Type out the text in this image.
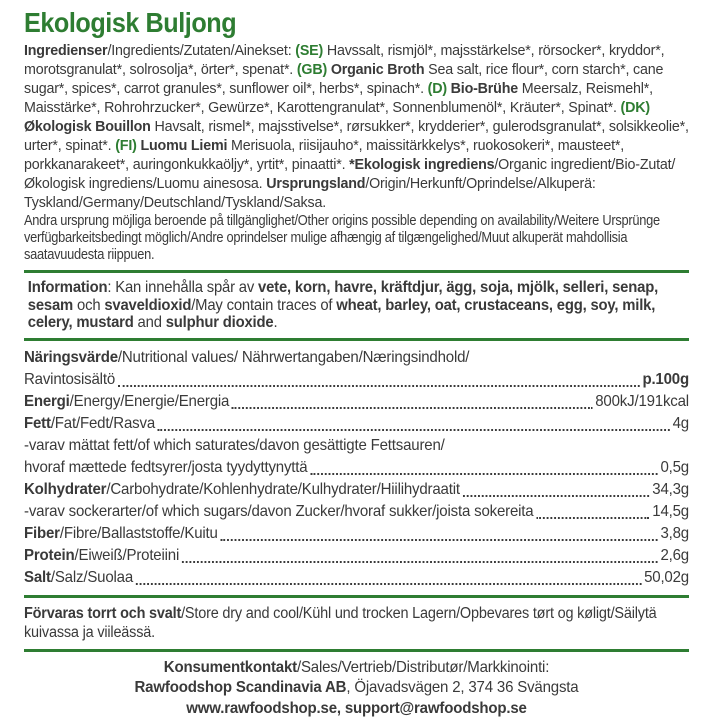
Ekologisk Buljong

Ingredienser/Ingredients/Zutaten/Ainekset: (SE) Havssalt, rismjöl*, majsstärkelse*, rörsocker*, kryddor*, morotsgranulat*, solrosolja*, örter*, spenat*. (GB) Organic Broth Sea salt, rice flour*, corn starch*, cane sugar*, spices*, carrot granules*, sunflower oil*, herbs*, spinach*. (D) Bio-Brühe Meersalz, Reismehl*, Maisstärke*, Rohrohrzucker*, Gewürze*, Karottengranulat*, Sonnenblumenöl*, Kräuter*, Spinat*. (DK) Økologisk Bouillon Havsalt, rismel*, majsstivelse*, rørsukker*, krydderier*, gulerodsgranulat*, solsikkeolie*, urter*, spinat*. (FI) Luomu Liemi Merisuola, riisijauho*, maissitärkkelys*, ruokosokeri*, mausteet*, porkkanarakeet*, auringonkukkaöljy*, yrtit*, pinaatti*. *Ekologisk ingrediens/Organic ingredient/Bio-Zutat/Økologisk ingrediens/Luomu ainesosa. Ursprungsland/Origin/Herkunft/Oprindelse/Alkuperä: Tyskland/Germany/Deutschland/Tyskland/Saksa.

Andra ursprung möjliga beroende på tillgänglighet/Other origins possible depending on availability/Weitere Ursprünge verfügbarkeitsbedingt möglich/Andre oprindelser mulige afhængig af tilgængelighed/Muut alkuperät mahdollisia saatavuudesta riippuen.

Information: Kan innehålla spår av vete, korn, havre, kräftdjur, ägg, soja, mjölk, selleri, senap, sesam och svaveldioxid/May contain traces of wheat, barley, oat, crustaceans, egg, soy, milk, celery, mustard and sulphur dioxide.

Näringsvärde/Nutritional values/ Nährwertangaben/Næringsindhold/
Ravintosisältö	p.100g
Energi/Energy/Energie/Energia	800kJ/191kcal
Fett/Fat/Fedt/Rasva	4g
-varav mättat fett/of which saturates/davon gesättigte Fettsauren/
hvoraf mættede fedtsyrer/josta tyydyttynyttä	0,5g
Kolhydrater/Carbohydrate/Kohlenhydrate/Kulhydrater/Hiilihydraatit	34,3g
-varav sockerarter/of which sugars/davon Zucker/hvoraf sukker/joista sokereita	14,5g
Fiber/Fibre/Ballaststoffe/Kuitu	3,8g
Protein/Eiweiß/Proteiini	2,6g
Salt/Salz/Suolaa	50,02g

Förvaras torrt och svalt/Store dry and cool/Kühl und trocken Lagern/Opbevares tørt og køligt/Säilytä kuivassa ja viileässä.

Konsumentkontakt/Sales/Vertrieb/Distributør/Markkinointi:
Rawfoodshop Scandinavia AB, Öjavadsvägen 2, 374 36 Svängsta
www.rawfoodshop.se, support@rawfoodshop.se
